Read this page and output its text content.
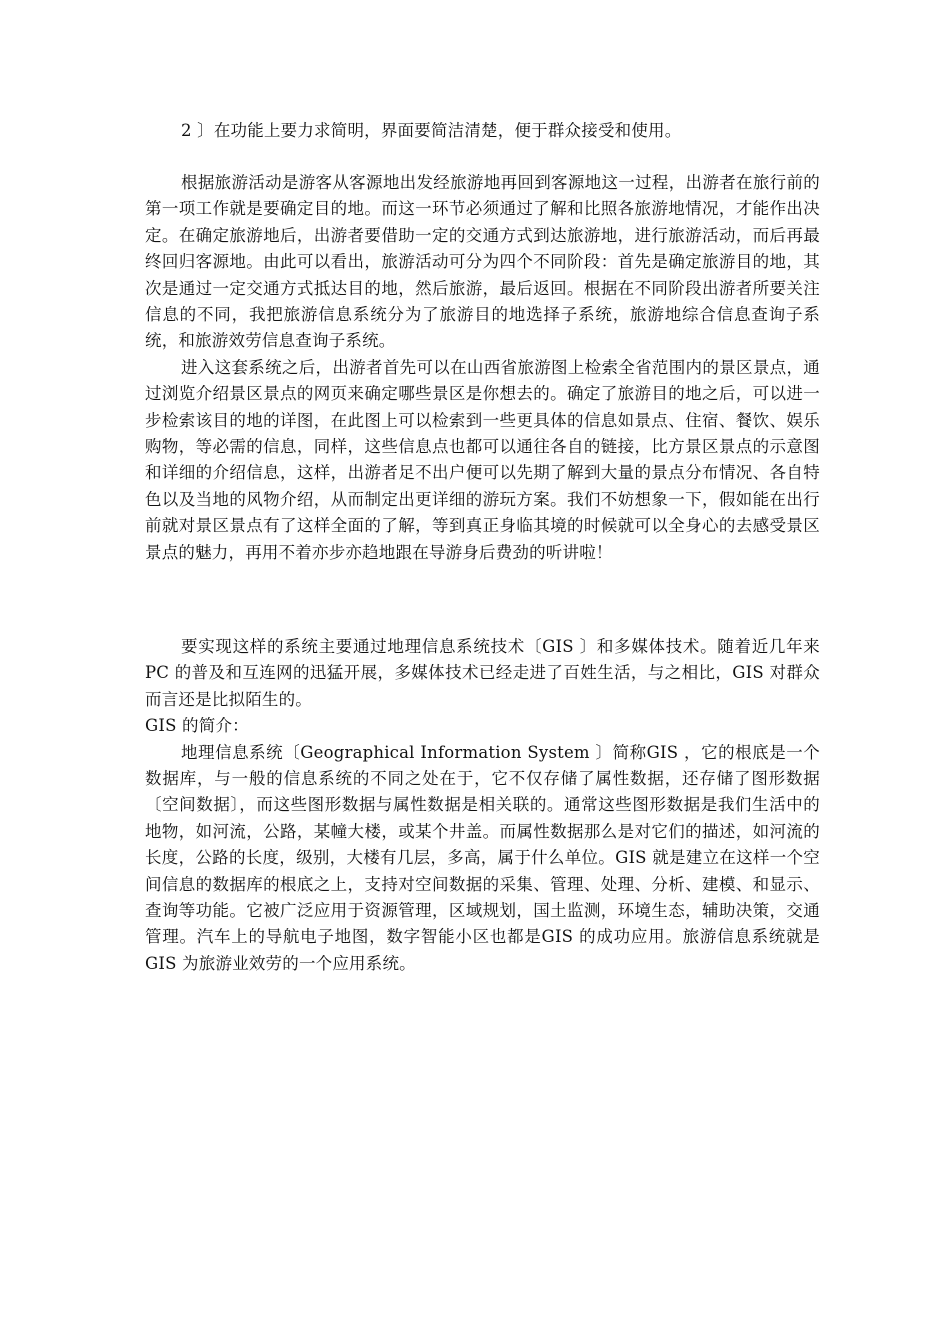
2 〕在功能上要力求简明，界面要简洁清楚，便于群众接受和使用。

根据旅游活动是游客从客源地出发经旅游地再回到客源地这一过程，出游者在旅行前的第一项工作就是要确定目的地。而这一环节必须通过了解和比照各旅游地情况，才能作出决定。在确定旅游地后，出游者要借助一定的交通方式到达旅游地，进行旅游活动，而后再最终回归客源地。由此可以看出，旅游活动可分为四个不同阶段：首先是确定旅游目的地，其次是通过一定交通方式抵达目的地，然后旅游，最后返回。根据在不同阶段出游者所要关注信息的不同，我把旅游信息系统分为了旅游目的地选择子系统，旅游地综合信息查询子系统，和旅游效劳信息查询子系统。

进入这套系统之后，出游者首先可以在山西省旅游图上检索全省范围内的景区景点，通过浏览介绍景区景点的网页来确定哪些景区是你想去的。确定了旅游目的地之后，可以进一步检索该目的地的详图，在此图上可以检索到一些更具体的信息如景点、住宿、餐饮、娱乐购物，等必需的信息，同样，这些信息点也都可以通往各自的链接，比方景区景点的示意图和详细的介绍信息，这样，出游者足不出户便可以先期了解到大量的景点分布情况、各自特色以及当地的风物介绍，从而制定出更详细的游玩方案。我们不妨想象一下，假如能在出行前就对景区景点有了这样全面的了解，等到真正身临其境的时候就可以全身心的去感受景区景点的魅力，再用不着亦步亦趋地跟在导游身后费劲的听讲啦！

要实现这样的系统主要通过地理信息系统技术〔GIS 〕和多媒体技术。随着近几年来PC 的普及和互连网的迅猛开展，多媒体技术已经走进了百姓生活，与之相比，GIS 对群众而言还是比拟陌生的。

GIS 的简介：

地理信息系统〔Geographical Information System 〕简称GIS ，它的根底是一个数据库，与一般的信息系统的不同之处在于，它不仅存储了属性数据，还存储了图形数据〔空间数据〕，而这些图形数据与属性数据是相关联的。通常这些图形数据是我们生活中的地物，如河流，公路，某幢大楼，或某个井盖。而属性数据那么是对它们的描述，如河流的长度，公路的长度，级别，大楼有几层，多高，属于什么单位。GIS 就是建立在这样一个空间信息的数据库的根底之上，支持对空间数据的采集、管理、处理、分析、建模、和显示、查询等功能。它被广泛应用于资源管理，区域规划，国土监测，环境生态，辅助决策，交通管理。汽车上的导航电子地图，数字智能小区也都是GIS 的成功应用。旅游信息系统就是GIS 为旅游业效劳的一个应用系统。
